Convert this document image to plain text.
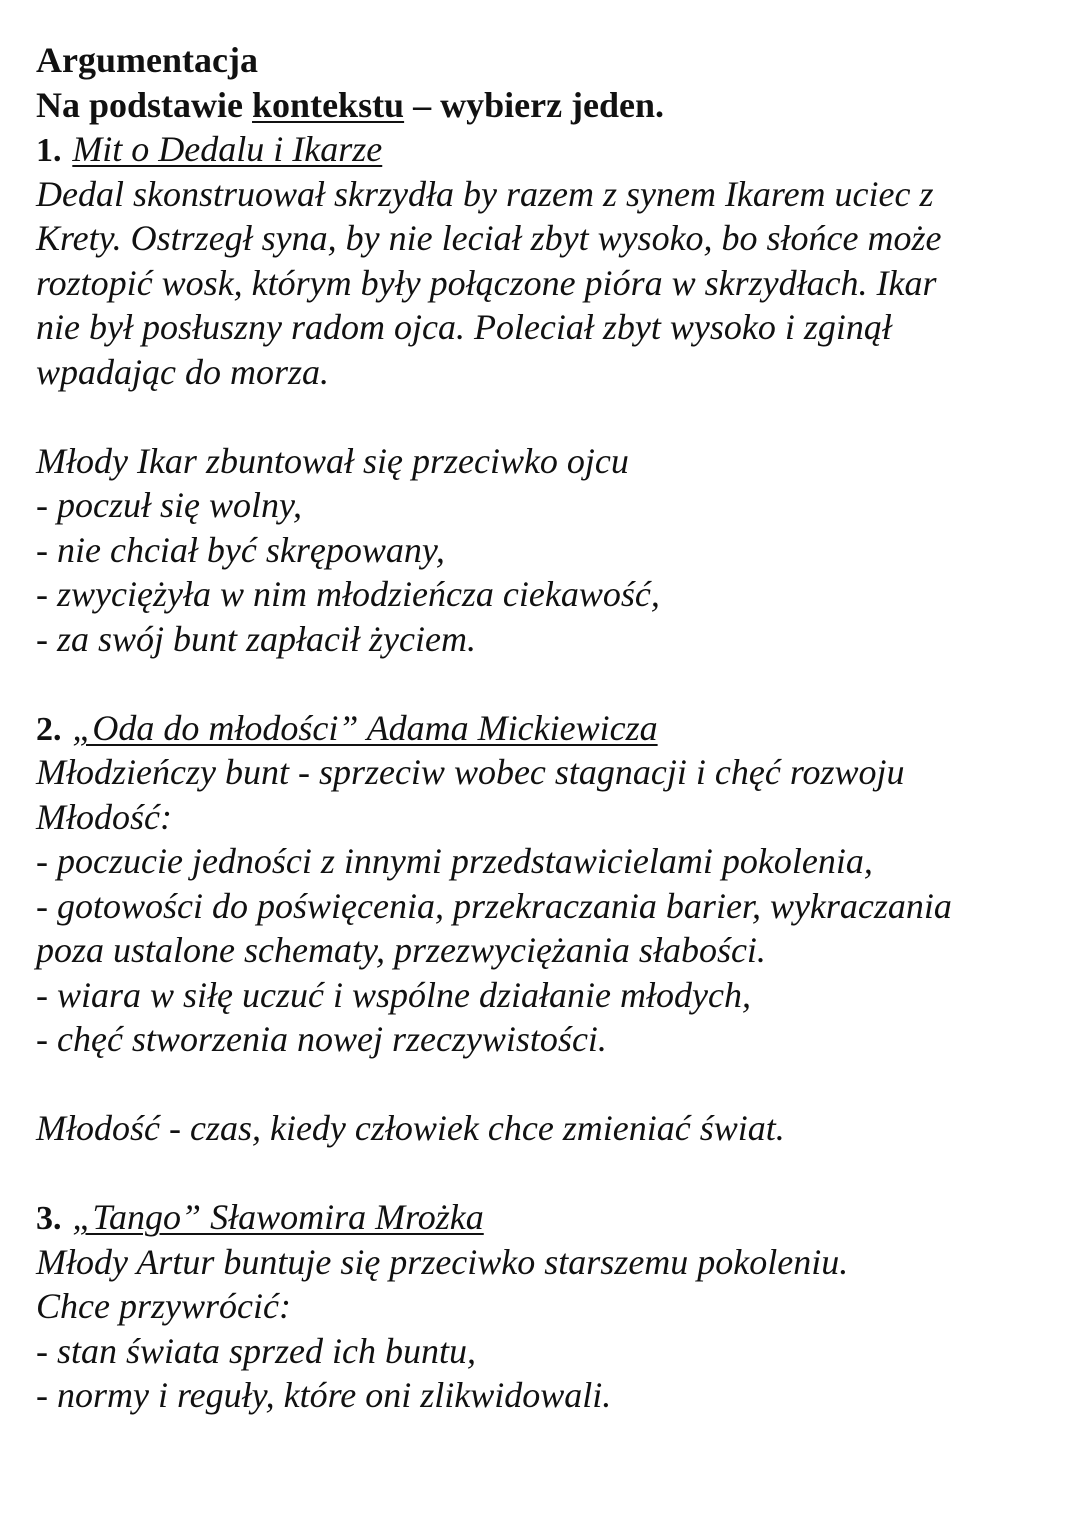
Argumentacja
Na podstawie kontekstu – wybierz jeden.
1. Mit o Dedalu i Ikarze
Dedal skonstruował skrzydła by razem z synem Ikarem uciec z
Krety. Ostrzegł syna, by nie leciał zbyt wysoko, bo słońce może
roztopić wosk, którym były połączone pióra w skrzydłach. Ikar
nie był posłuszny radom ojca. Poleciał zbyt wysoko i zginął
wpadając do morza.
Młody Ikar zbuntował się przeciwko ojcu
- poczuł się wolny,
- nie chciał być skrępowany,
- zwyciężyła w nim młodzieńcza ciekawość,
- za swój bunt zapłacił życiem.
2. „Oda do młodości” Adama Mickiewicza
Młodzieńczy bunt - sprzeciw wobec stagnacji i chęć rozwoju
Młodość:
- poczucie jedności z innymi przedstawicielami pokolenia,
- gotowości do poświęcenia, przekraczania barier, wykraczania
poza ustalone schematy, przezwyciężania słabości.
- wiara w siłę uczuć i wspólne działanie młodych,
- chęć stworzenia nowej rzeczywistości.
Młodość - czas, kiedy człowiek chce zmieniać świat.
3. „Tango” Sławomira Mrożka
Młody Artur buntuje się przeciwko starszemu pokoleniu.
Chce przywrócić:
- stan świata sprzed ich buntu,
- normy i reguły, które oni zlikwidowali.
